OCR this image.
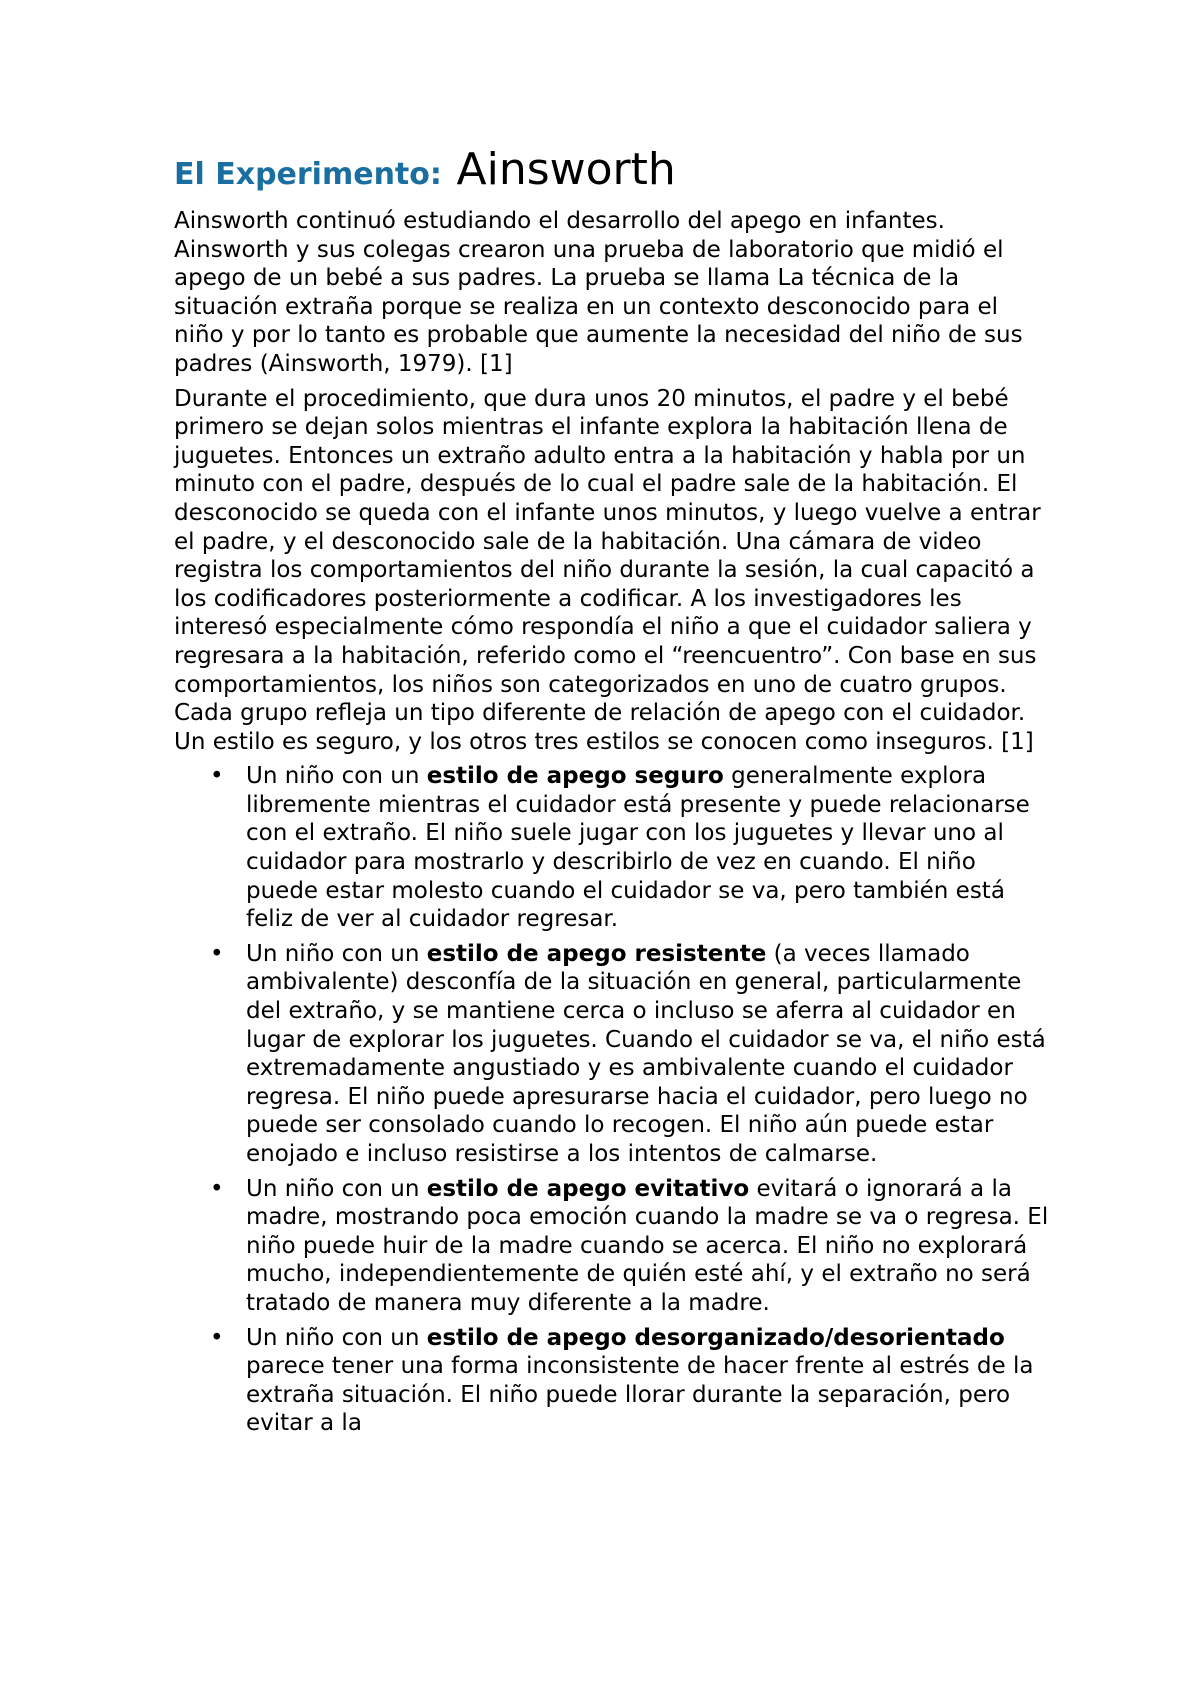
El Experimento: Ainsworth

Ainsworth continuó estudiando el desarrollo del apego en infantes. Ainsworth y sus colegas crearon una prueba de laboratorio que midió el apego de un bebé a sus padres. La prueba se llama La técnica de la situación extraña porque se realiza en un contexto desconocido para el niño y por lo tanto es probable que aumente la necesidad del niño de sus padres (Ainsworth, 1979). [1]

Durante el procedimiento, que dura unos 20 minutos, el padre y el bebé primero se dejan solos mientras el infante explora la habitación llena de juguetes. Entonces un extraño adulto entra a la habitación y habla por un minuto con el padre, después de lo cual el padre sale de la habitación. El desconocido se queda con el infante unos minutos, y luego vuelve a entrar el padre, y el desconocido sale de la habitación. Una cámara de video registra los comportamientos del niño durante la sesión, la cual capacitó a los codificadores posteriormente a codificar. A los investigadores les interesó especialmente cómo respondía el niño a que el cuidador saliera y regresara a la habitación, referido como el “reencuentro”. Con base en sus comportamientos, los niños son categorizados en uno de cuatro grupos. Cada grupo refleja un tipo diferente de relación de apego con el cuidador. Un estilo es seguro, y los otros tres estilos se conocen como inseguros. [1]

• Un niño con un estilo de apego seguro generalmente explora libremente mientras el cuidador está presente y puede relacionarse con el extraño. El niño suele jugar con los juguetes y llevar uno al cuidador para mostrarlo y describirlo de vez en cuando. El niño puede estar molesto cuando el cuidador se va, pero también está feliz de ver al cuidador regresar.
• Un niño con un estilo de apego resistente (a veces llamado ambivalente) desconfía de la situación en general, particularmente del extraño, y se mantiene cerca o incluso se aferra al cuidador en lugar de explorar los juguetes. Cuando el cuidador se va, el niño está extremadamente angustiado y es ambivalente cuando el cuidador regresa. El niño puede apresurarse hacia el cuidador, pero luego no puede ser consolado cuando lo recogen. El niño aún puede estar enojado e incluso resistirse a los intentos de calmarse.
• Un niño con un estilo de apego evitativo evitará o ignorará a la madre, mostrando poca emoción cuando la madre se va o regresa. El niño puede huir de la madre cuando se acerca. El niño no explorará mucho, independientemente de quién esté ahí, y el extraño no será tratado de manera muy diferente a la madre.
• Un niño con un estilo de apego desorganizado/desorientado parece tener una forma inconsistente de hacer frente al estrés de la extraña situación. El niño puede llorar durante la separación, pero evitar a la
